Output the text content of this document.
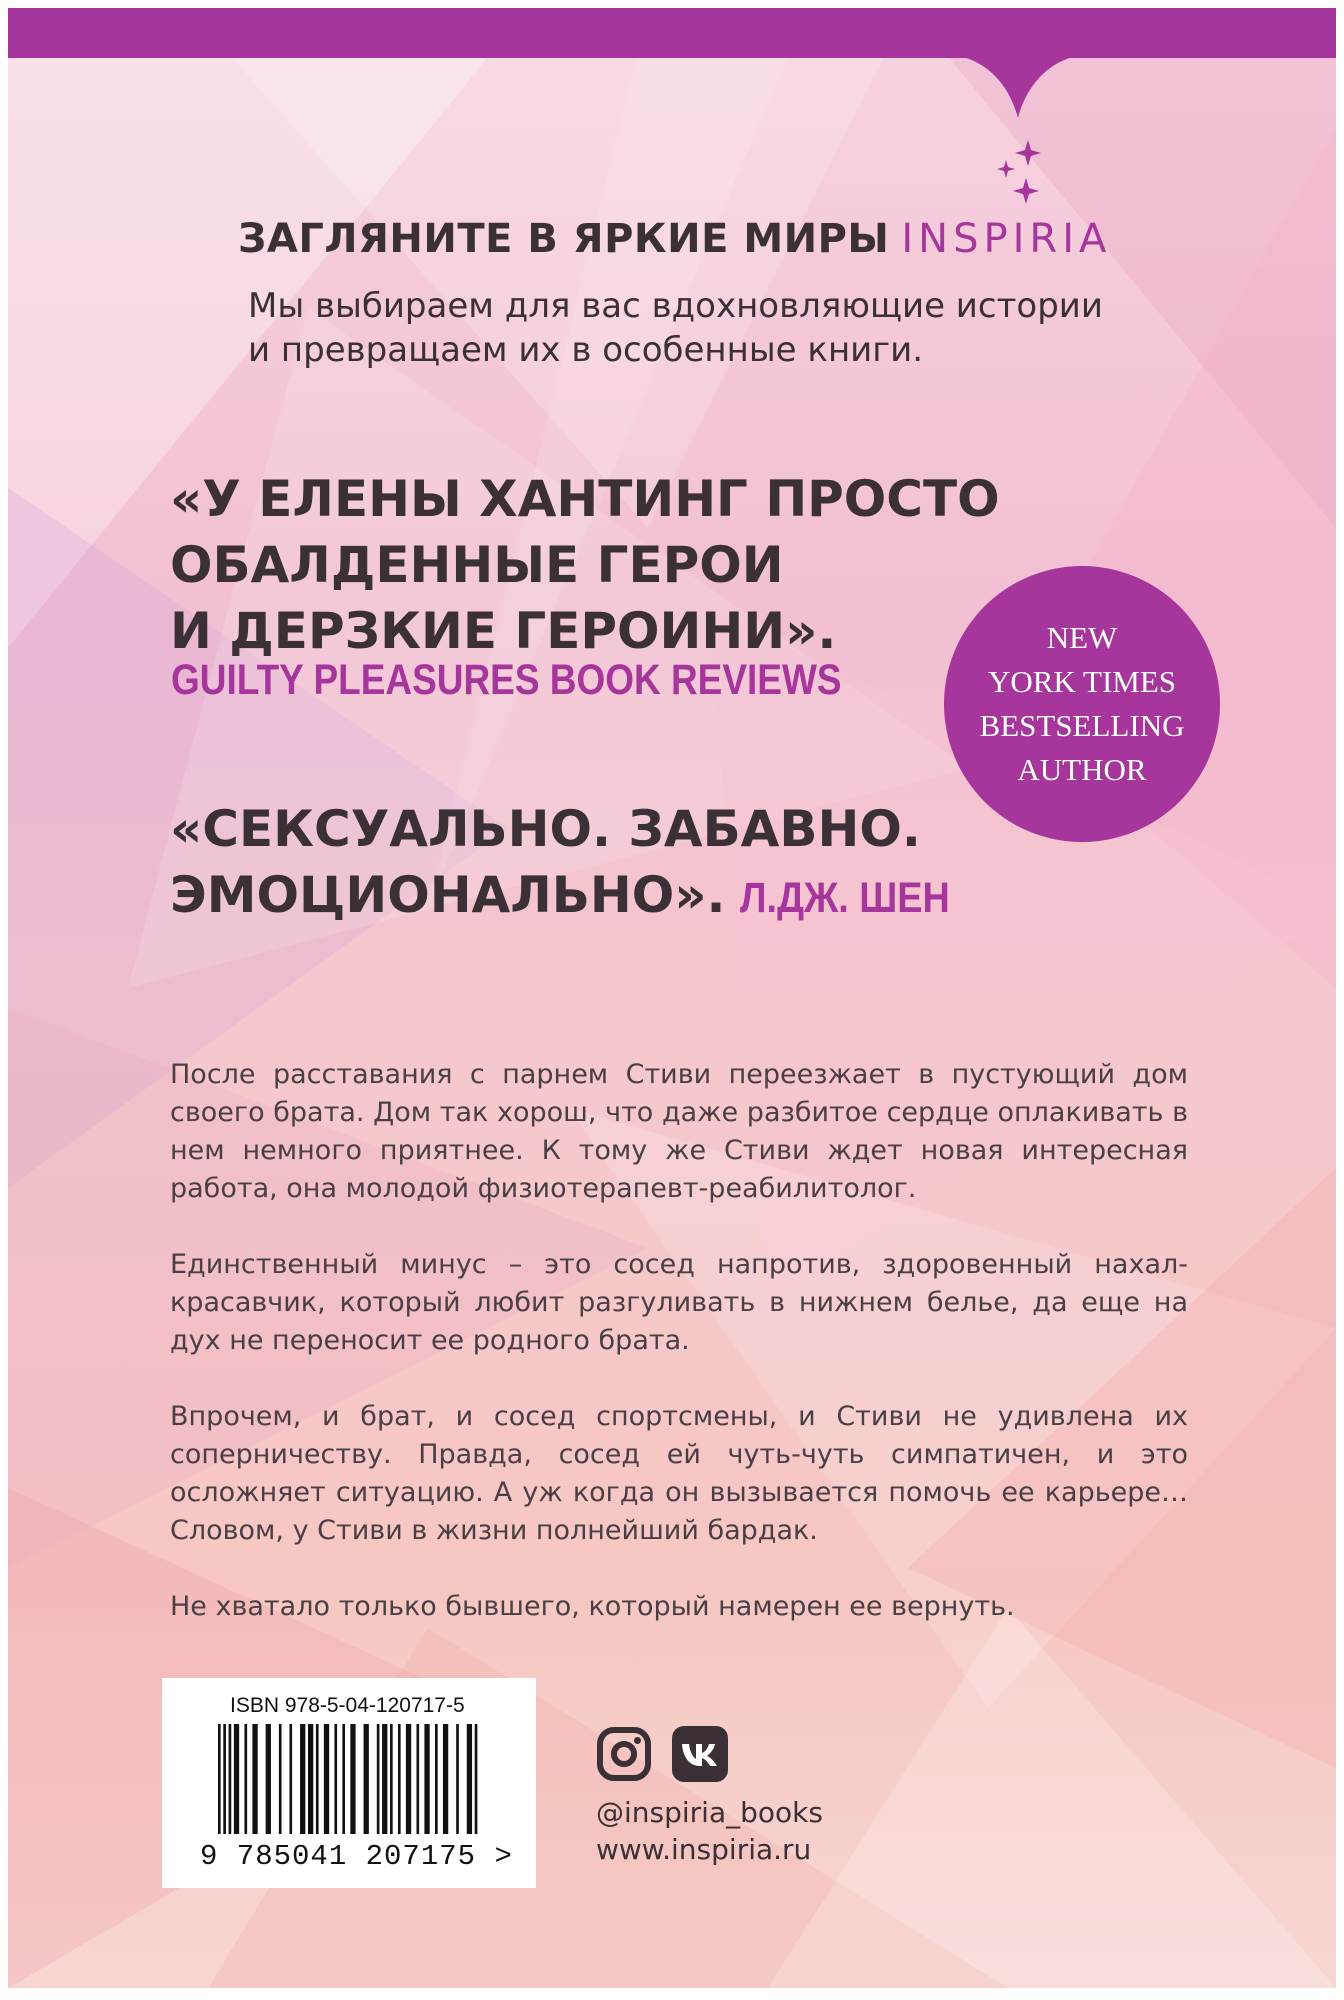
ЗАГЛЯНИТЕ В ЯРКИЕ МИРЫ INSPIRIA
Мы выбираем для вас вдохновляющие истории
и превращаем их в особенные книги.
«У ЕЛЕНЫ ХАНТИНГ ПРОСТО
ОБАЛДЕННЫЕ ГЕРОИ
И ДЕРЗКИЕ ГЕРОИНИ».
GUILTY PLEASURES BOOK REVIEWS
NEW
YORK TIMES
BESTSELLING
AUTHOR
«СЕКСУАЛЬНО. ЗАБАВНО.
ЭМОЦИОНАЛЬНО». Л.ДЖ. ШЕН

После расставания с парнем Стиви переезжает в пустующий дом своего брата. Дом так хорош, что даже разбитое сердце оплакивать в нем немного приятнее. К тому же Стиви ждет новая интересная работа, она молодой физиотерапевт-реабилитолог.

Единственный минус – это сосед напротив, здоровенный нахал-красавчик, который любит разгуливать в нижнем белье, да еще на дух не переносит ее родного брата.

Впрочем, и брат, и сосед спортсмены, и Стиви не удивлена их соперничеству. Правда, сосед ей чуть-чуть симпатичен, и это осложняет ситуацию. А уж когда он вызывается помочь ее карьере… Словом, у Стиви в жизни полнейший бардак.

Не хватало только бывшего, который намерен ее вернуть.

ISBN 978-5-04-120717-5
9 785041 207175 >
@inspiria_books
www.inspiria.ru
